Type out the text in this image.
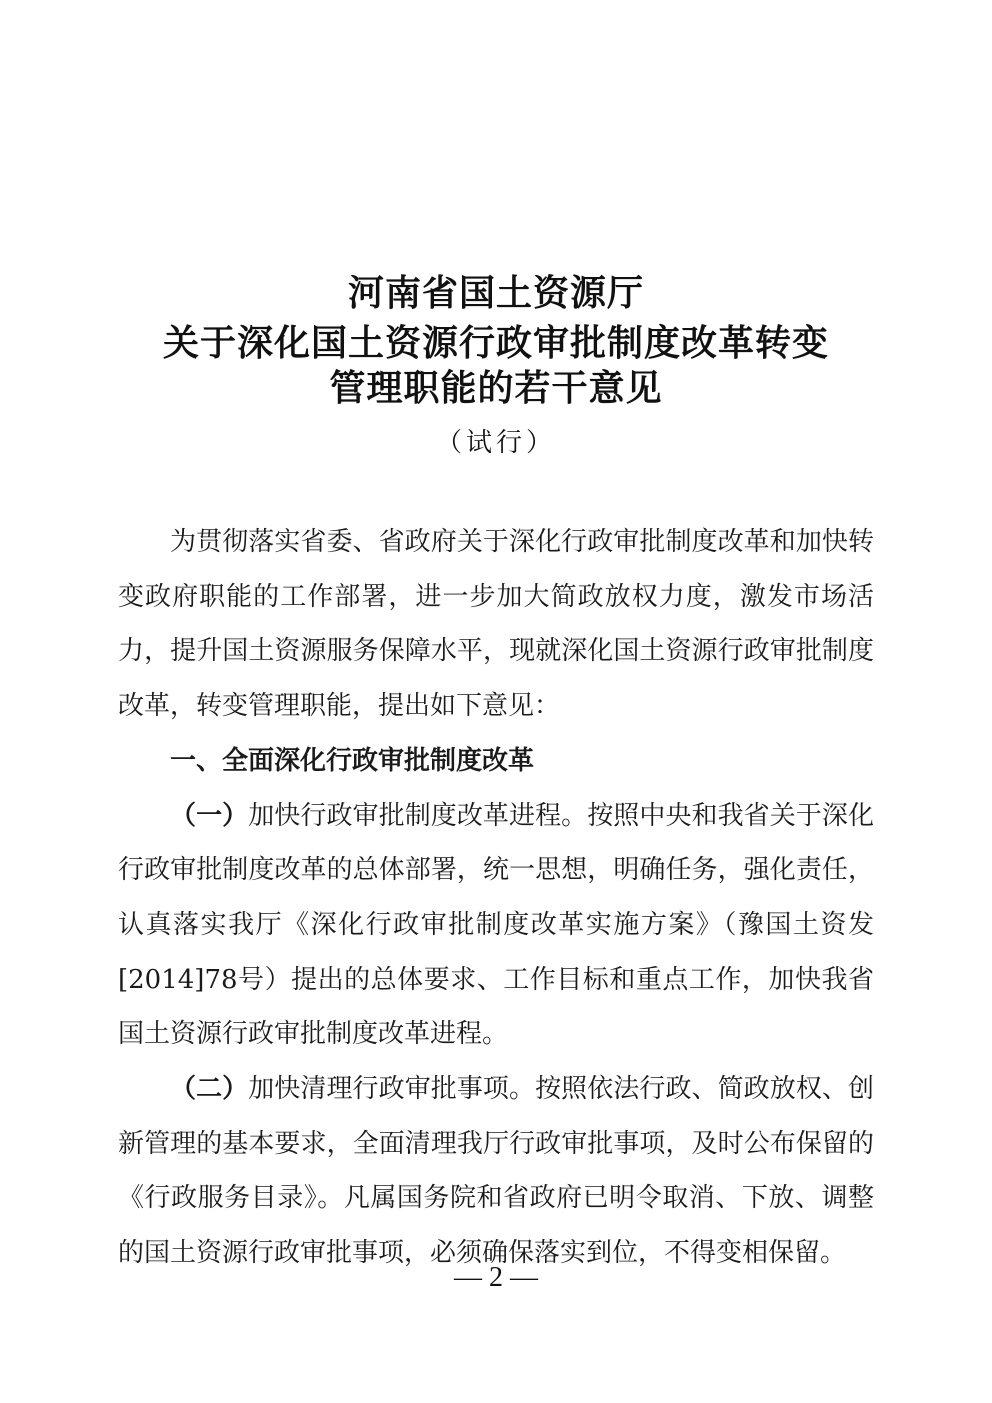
河南省国土资源厅
关于深化国土资源行政审批制度改革转变
管理职能的若干意见
（试行）

为贯彻落实省委、省政府关于深化行政审批制度改革和加快转变政府职能的工作部署，进一步加大简政放权力度，激发市场活力，提升国土资源服务保障水平，现就深化国土资源行政审批制度改革，转变管理职能，提出如下意见：

一、全面深化行政审批制度改革

（一）加快行政审批制度改革进程。按照中央和我省关于深化行政审批制度改革的总体部署，统一思想，明确任务，强化责任，认真落实我厅《深化行政审批制度改革实施方案》（豫国土资发[2014]78号）提出的总体要求、工作目标和重点工作，加快我省国土资源行政审批制度改革进程。

（二）加快清理行政审批事项。按照依法行政、简政放权、创新管理的基本要求，全面清理我厅行政审批事项，及时公布保留的《行政服务目录》。凡属国务院和省政府已明令取消、下放、调整的国土资源行政审批事项，必须确保落实到位，不得变相保留。

— 2 —
